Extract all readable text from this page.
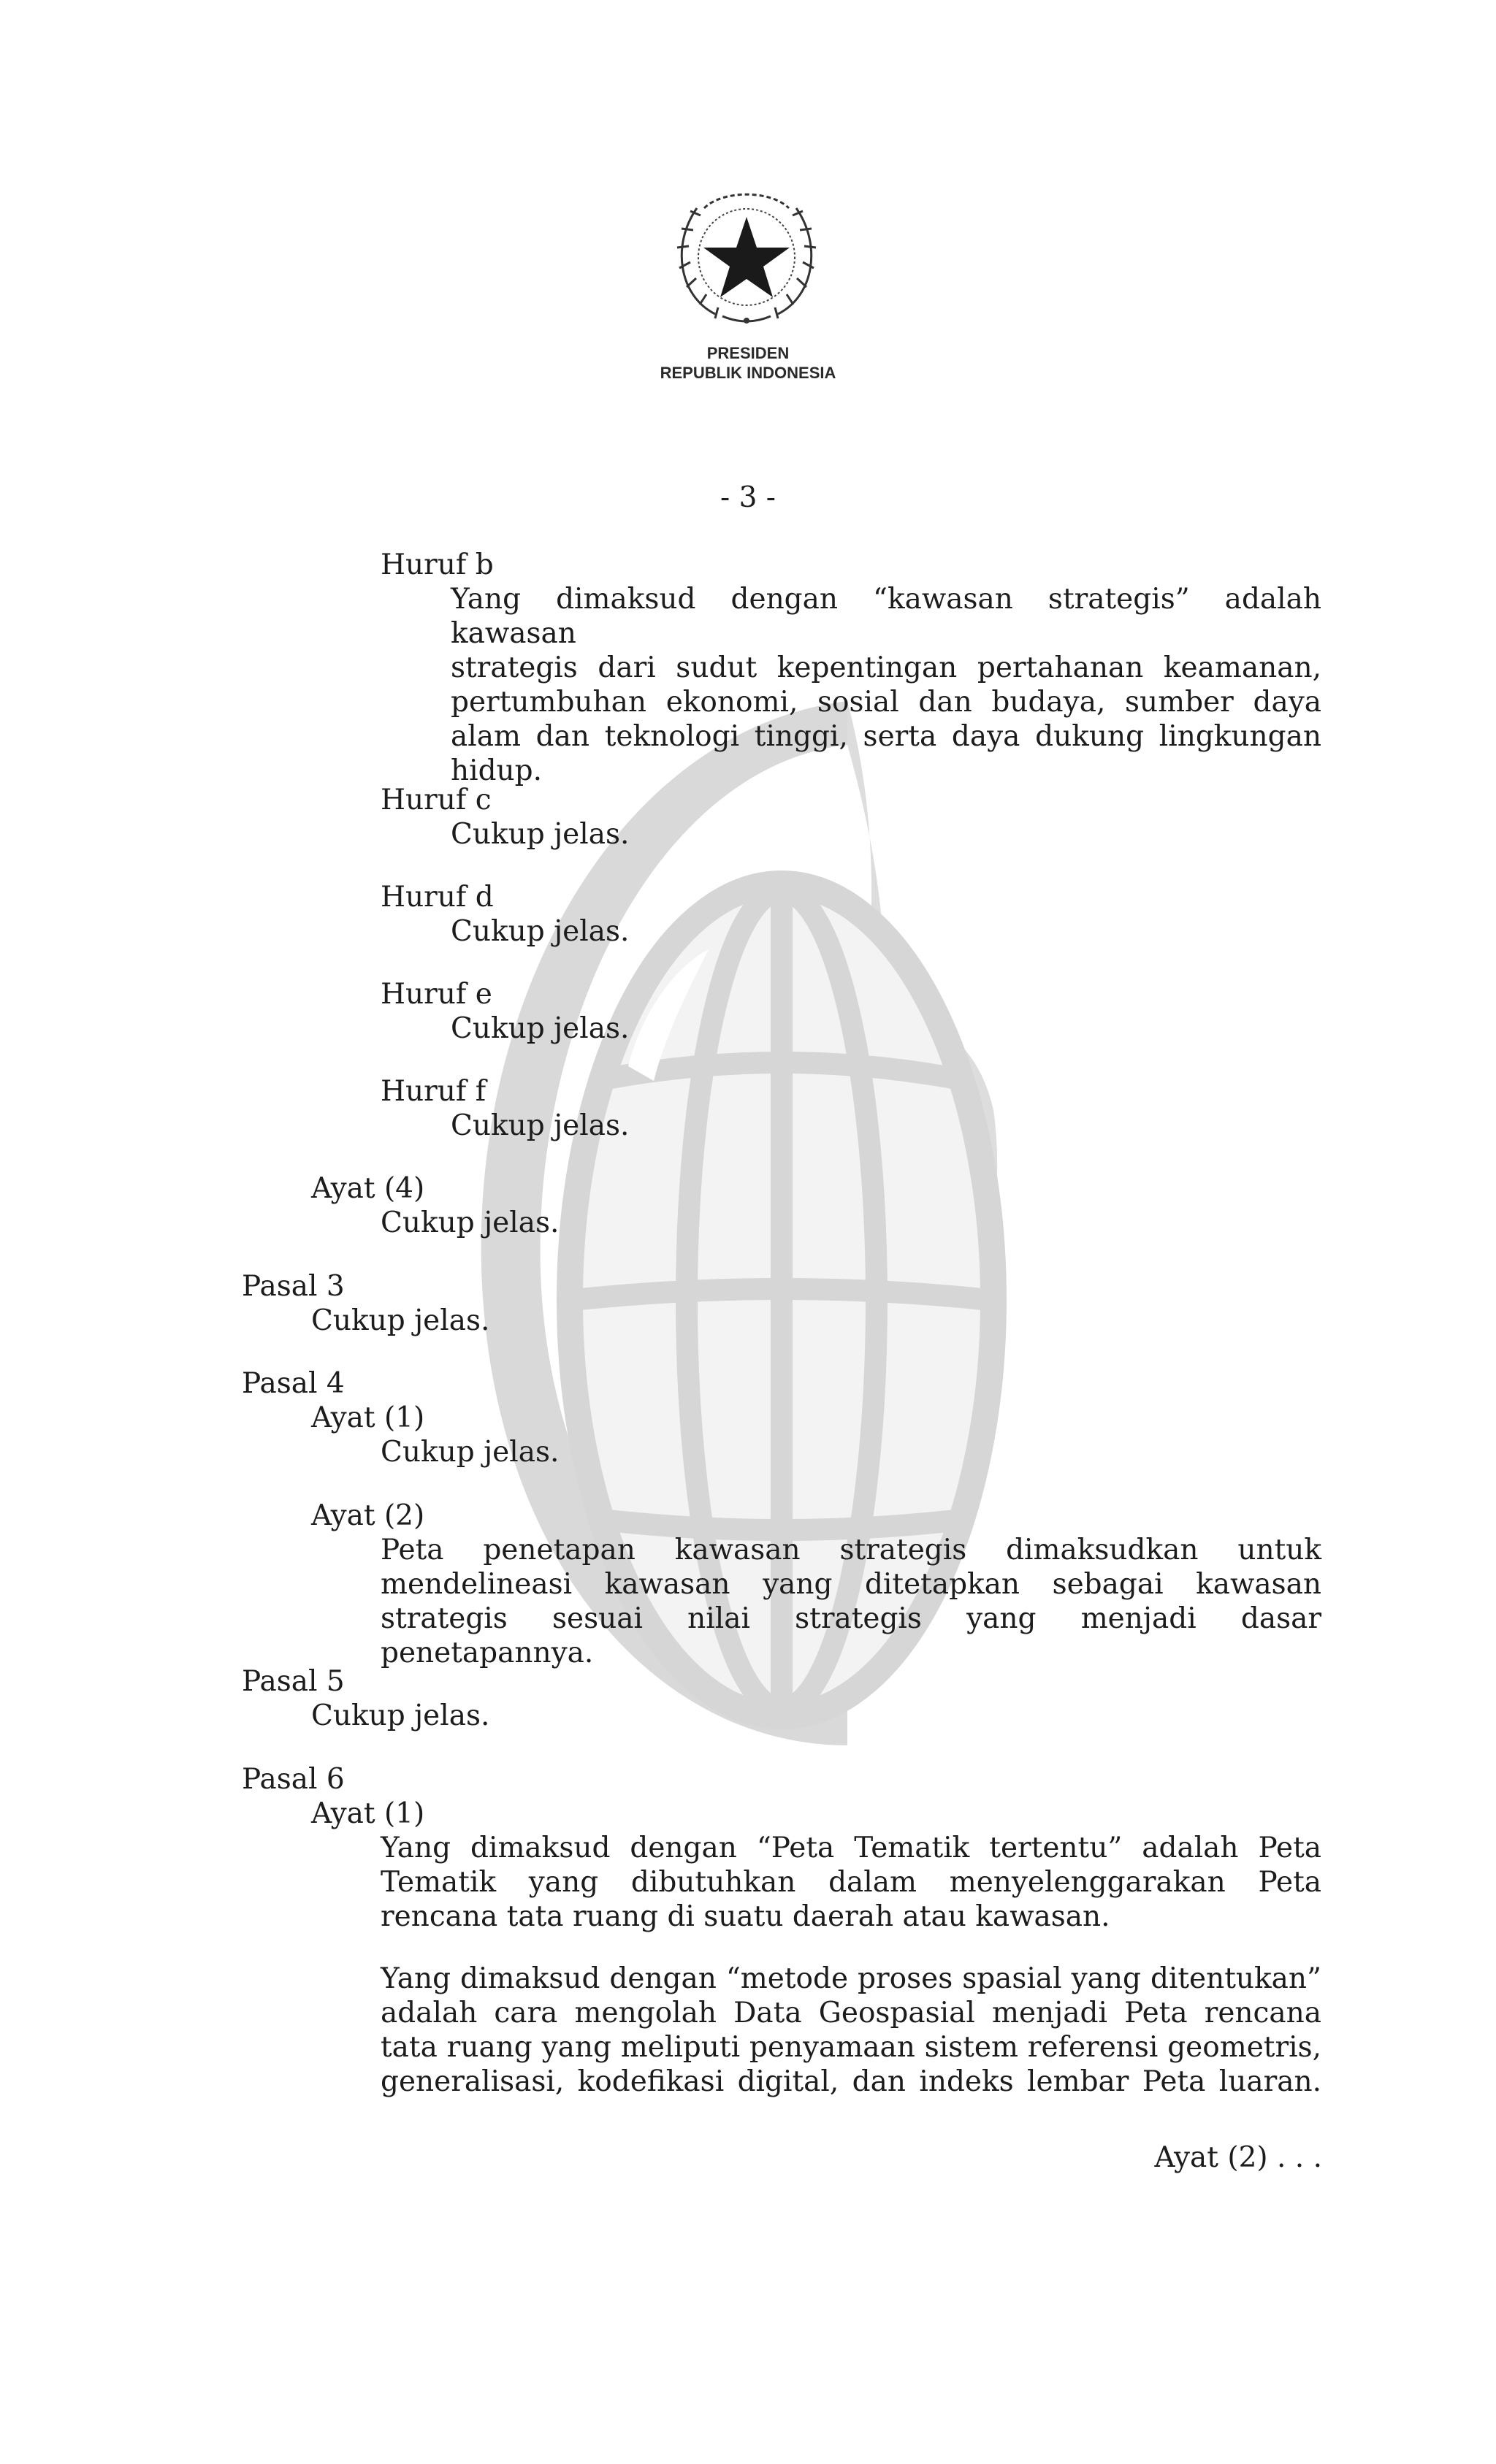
PRESIDEN
REPUBLIK INDONESIA
- 3 -
Huruf b
Yang dimaksud dengan “kawasan strategis” adalah kawasan
strategis dari sudut kepentingan pertahanan keamanan,
pertumbuhan ekonomi, sosial dan budaya, sumber daya
alam dan teknologi tinggi, serta daya dukung lingkungan
hidup.
Huruf c
Cukup jelas.
Huruf d
Cukup jelas.
Huruf e
Cukup jelas.
Huruf f
Cukup jelas.
Ayat (4)
Cukup jelas.
Pasal 3
Cukup jelas.
Pasal 4
Ayat (1)
Cukup jelas.
Ayat (2)
Peta penetapan kawasan strategis dimaksudkan untuk
mendelineasi kawasan yang ditetapkan sebagai kawasan
strategis sesuai nilai strategis yang menjadi dasar penetapannya.
Pasal 5
Cukup jelas.
Pasal 6
Ayat (1)
Yang dimaksud dengan “Peta Tematik tertentu” adalah Peta
Tematik yang dibutuhkan dalam menyelenggarakan Peta
rencana tata ruang di suatu daerah atau kawasan.
Yang dimaksud dengan “metode proses spasial yang ditentukan”
adalah cara mengolah Data Geospasial menjadi Peta rencana
tata ruang yang meliputi penyamaan sistem referensi geometris,
generalisasi, kodefikasi digital, dan indeks lembar Peta luaran.
Ayat (2) . . .
